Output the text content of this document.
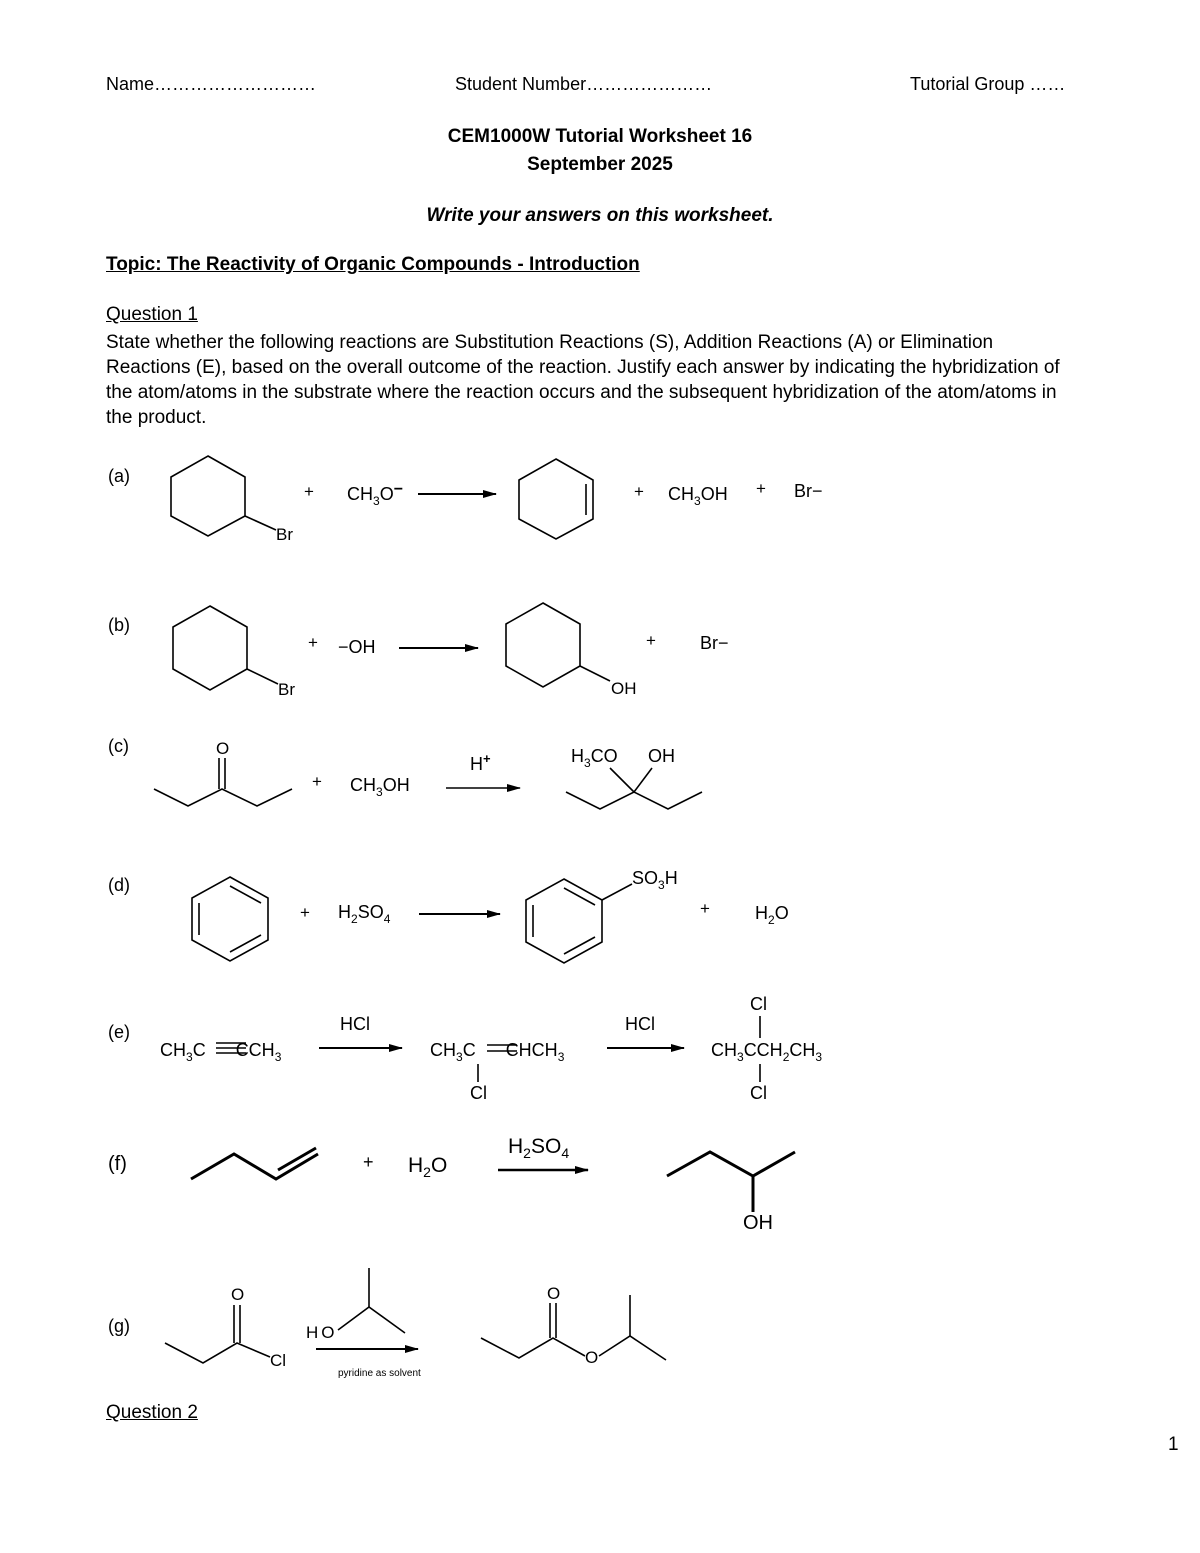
Name………………………	Student Number…………………	Tutorial Group ……
CEM1000W Tutorial Worksheet 16
September 2025
Write your answers on this worksheet.
Topic: The Reactivity of Organic Compounds - Introduction
Question 1
State whether the following reactions are Substitution Reactions (S), Addition Reactions (A) or Elimination Reactions (E), based on the overall outcome of the reaction. Justify each answer by indicating the hybridization of the atom/atoms in the substrate where the reaction occurs and the subsequent hybridization of the atom/atoms in the product.
(a)
Br
+ $CH_3O-$	+ $CH_3OH + Br-$
(b)
Br
+ −OH
OH
+ Br−
(c)	O
+ $CH_3OH$
H+	$H_3CO$ OH
(d)
+ $H_2SO_4$
$SO_3H$
+	$H_2O$
(e)
$CH_3C$ $CCH_3$
HCl
$CH_3C$ $CHCH_3$
Cl
HCl
Cl
$CH_3CCH_2CH_3$
Cl
(f)	+ $H_2O$
$H_2SO_4$
OH
(g)
O
Cl
HO
pyridine as solvent
O
O
Question 2
1
